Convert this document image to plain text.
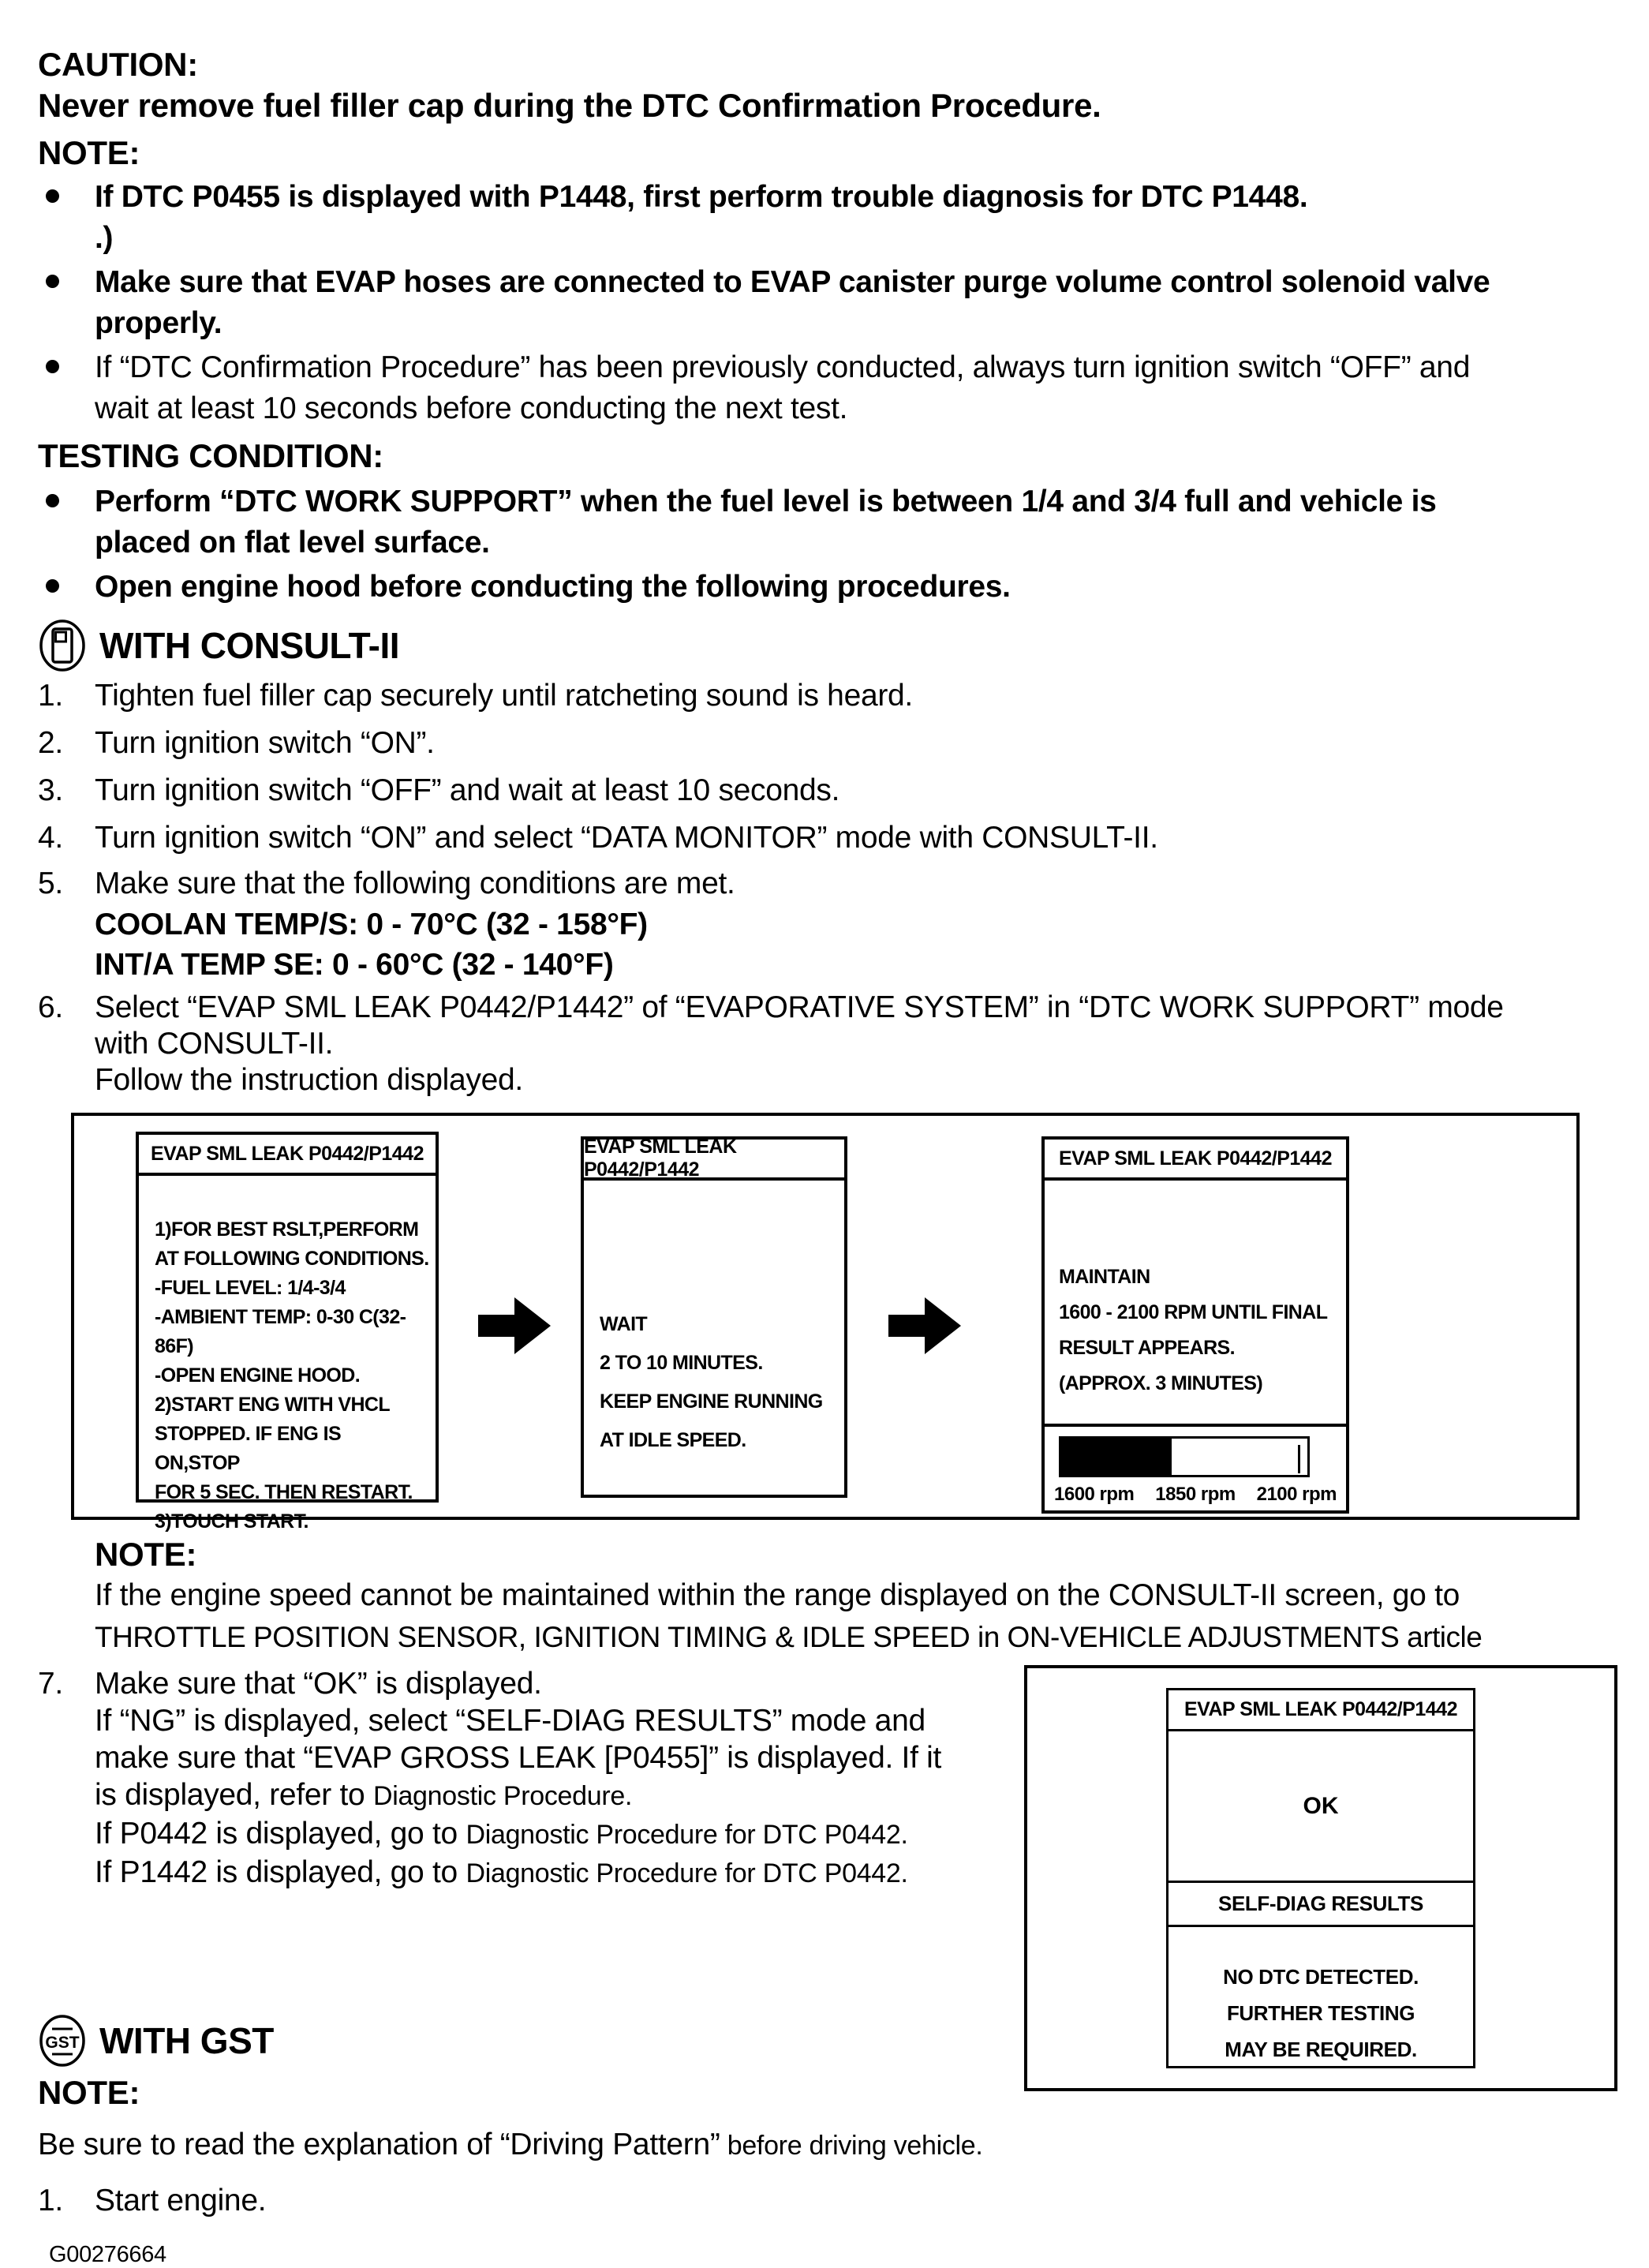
CAUTION:
Never remove fuel filler cap during the DTC Confirmation Procedure.
NOTE:
If DTC P0455 is displayed with P1448, first perform trouble diagnosis for DTC P1448.
.)
Make sure that EVAP hoses are connected to EVAP canister purge volume control solenoid valve
properly.
If “DTC Confirmation Procedure” has been previously conducted, always turn ignition switch “OFF” and
wait at least 10 seconds before conducting the next test.
TESTING CONDITION:
Perform “DTC WORK SUPPORT” when the fuel level is between 1/4 and 3/4 full and vehicle is
placed on flat level surface.
Open engine hood before conducting the following procedures.
WITH CONSULT-II
1.	Tighten fuel filler cap securely until ratcheting sound is heard.
2.	Turn ignition switch “ON”.
3.	Turn ignition switch “OFF” and wait at least 10 seconds.
4.	Turn ignition switch “ON” and select “DATA MONITOR” mode with CONSULT-II.
5.	Make sure that the following conditions are met.
COOLAN TEMP/S: 0 - 70°C (32 - 158°F)
INT/A TEMP SE: 0 - 60°C (32 - 140°F)
6.	Select “EVAP SML LEAK P0442/P1442” of “EVAPORATIVE SYSTEM” in “DTC WORK SUPPORT” mode
with CONSULT-II.
Follow the instruction displayed.
EVAP SML LEAK P0442/P1442
1)FOR BEST RSLT,PERFORM
AT FOLLOWING CONDITIONS.
-FUEL LEVEL: 1/4-3/4
-AMBIENT TEMP: 0-30 C(32-86F)
-OPEN ENGINE HOOD.
2)START ENG WITH VHCL
STOPPED. IF ENG IS ON,STOP
FOR 5 SEC. THEN RESTART.
3)TOUCH START.
EVAP SML LEAK P0442/P1442
WAIT
2 TO 10 MINUTES.
KEEP ENGINE RUNNING
AT IDLE SPEED.
EVAP SML LEAK P0442/P1442
MAINTAIN
1600 - 2100 RPM UNTIL FINAL
RESULT APPEARS.
(APPROX. 3 MINUTES)
1600 rpm 1850 rpm 2100 rpm
NOTE:
If the engine speed cannot be maintained within the range displayed on the CONSULT-II screen, go to
THROTTLE POSITION SENSOR, IGNITION TIMING & IDLE SPEED in ON-VEHICLE ADJUSTMENTS article
7.	Make sure that “OK” is displayed.
If “NG” is displayed, select “SELF-DIAG RESULTS” mode and
make sure that “EVAP GROSS LEAK [P0455]” is displayed. If it
is displayed, refer to Diagnostic Procedure.
If P0442 is displayed, go to Diagnostic Procedure for DTC P0442.
If P1442 is displayed, go to Diagnostic Procedure for DTC P0442.
GST WITH GST
NOTE:
EVAP SML LEAK P0442/P1442
OK
SELF-DIAG RESULTS
NO DTC DETECTED.
FURTHER TESTING
MAY BE REQUIRED.
Be sure to read the explanation of “Driving Pattern” before driving vehicle.
1.	Start engine.
G00276664
